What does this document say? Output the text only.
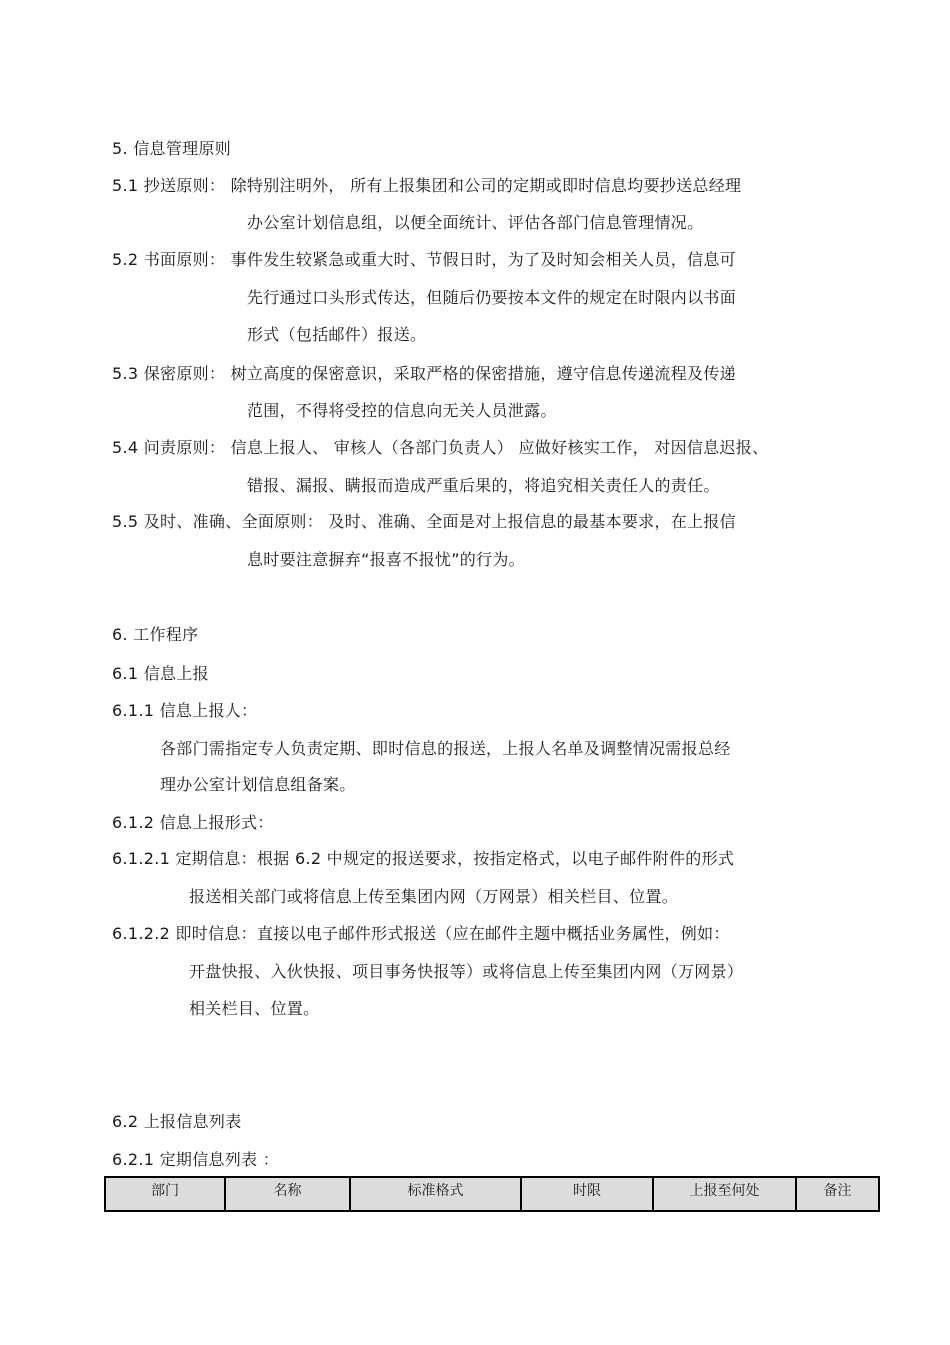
5. 信息管理原则
5.1 抄送原则： 除特别注明外， 所有上报集团和公司的定期或即时信息均要抄送总经理
办公室计划信息组，以便全面统计、评估各部门信息管理情况。
5.2 书面原则： 事件发生较紧急或重大时、节假日时，为了及时知会相关人员，信息可
先行通过口头形式传达，但随后仍要按本文件的规定在时限内以书面
形式（包括邮件）报送。
5.3 保密原则： 树立高度的保密意识，采取严格的保密措施，遵守信息传递流程及传递
范围，不得将受控的信息向无关人员泄露。
5.4 问责原则： 信息上报人、 审核人（各部门负责人） 应做好核实工作， 对因信息迟报、
错报、漏报、瞒报而造成严重后果的，将追究相关责任人的责任。
5.5 及时、准确、全面原则： 及时、准确、全面是对上报信息的最基本要求，在上报信
息时要注意摒弃“报喜不报忧”的行为。
6. 工作程序
6.1 信息上报
6.1.1 信息上报人：
各部门需指定专人负责定期、即时信息的报送，上报人名单及调整情况需报总经
理办公室计划信息组备案。
6.1.2 信息上报形式：
6.1.2.1 定期信息：根据 6.2 中规定的报送要求，按指定格式，以电子邮件附件的形式
报送相关部门或将信息上传至集团内网（万网景）相关栏目、位置。
6.1.2.2 即时信息：直接以电子邮件形式报送（应在邮件主题中概括业务属性，例如：
开盘快报、入伙快报、项目事务快报等）或将信息上传至集团内网（万网景）
相关栏目、位置。
6.2 上报信息列表
6.2.1 定期信息列表 ：
部门	名称	标准格式	时限	上报至何处	备注
